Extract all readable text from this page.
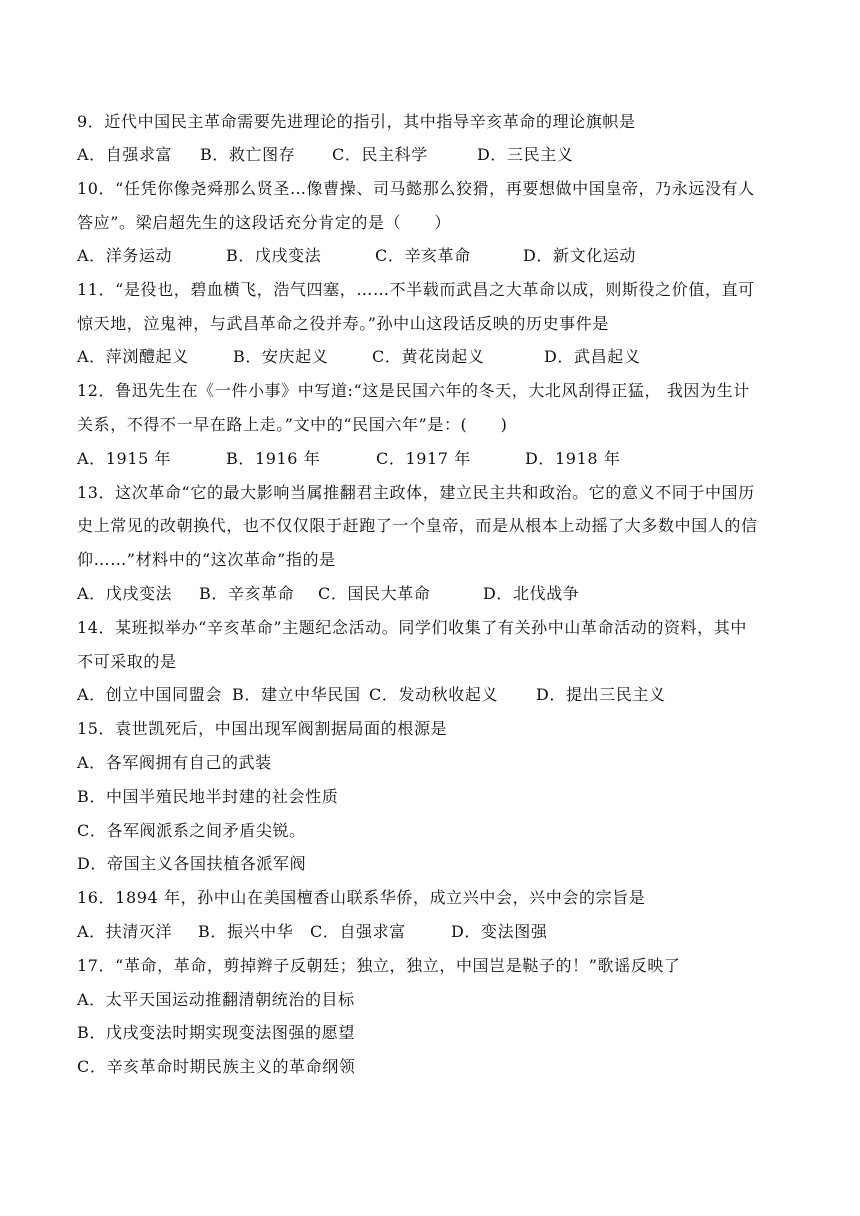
9．近代中国民主革命需要先进理论的指引，其中指导辛亥革命的理论旗帜是
A．自强求富 B．救亡图存 C．民主科学	D．三民主义
10．“任凭你像尧舜那么贤圣…像曹操、司马懿那么狡猾，再要想做中国皇帝，乃永远没有人
答应”。梁启超先生的这段话充分肯定的是（　　）
A．洋务运动	B．戊戌变法	C．辛亥革命	D．新文化运动
11．“是役也，碧血横飞，浩气四塞，……不半载而武昌之大革命以成，则斯役之价值，直可
惊天地，泣鬼神，与武昌革命之役并寿。”孙中山这段话反映的历史事件是
A．萍浏醴起义	B．安庆起义	C．黄花岗起义	D．武昌起义
12．鲁迅先生在《一件小事》中写道:“这是民国六年的冬天，大北风刮得正猛， 我因为生计
关系，不得不一早在路上走。”文中的“民国六年”是：(　　)
A．1915 年	B．1916 年	C．1917 年	D．1918 年
13．这次革命“它的最大影响当属推翻君主政体，建立民主共和政治。它的意义不同于中国历
史上常见的改朝换代，也不仅仅限于赶跑了一个皇帝，而是从根本上动摇了大多数中国人的信
仰……”材料中的“这次革命”指的是
A．戊戌变法 B．辛亥革命 C．国民大革命	D．北伐战争
14．某班拟举办“辛亥革命”主题纪念活动。同学们收集了有关孙中山革命活动的资料，其中
不可采取的是
A．创立中国同盟会 B．建立中华民国 C．发动秋收起义 D．提出三民主义
15．袁世凯死后，中国出现军阀割据局面的根源是
A．各军阀拥有自己的武装
B．中国半殖民地半封建的社会性质
C．各军阀派系之间矛盾尖锐。
D．帝国主义各国扶植各派军阀
16．1894 年，孙中山在美国檀香山联系华侨，成立兴中会，兴中会的宗旨是
A．扶清灭洋 B．振兴中华 C．自强求富	D．变法图强
17．“革命，革命，剪掉辫子反朝廷；独立，独立，中国岂是鞑子的！”歌谣反映了
A．太平天国运动推翻清朝统治的目标
B．戊戌变法时期实现变法图强的愿望
C．辛亥革命时期民族主义的革命纲领
